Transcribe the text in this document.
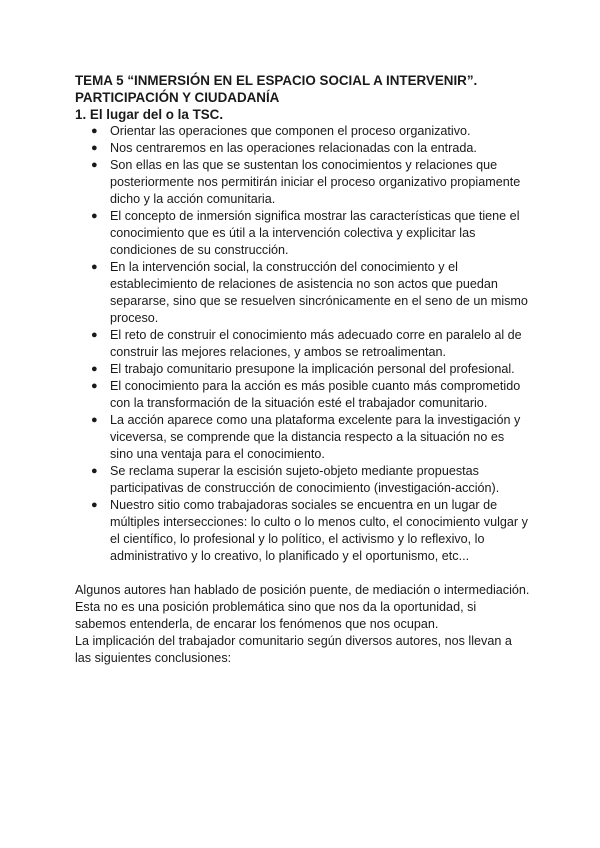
TEMA 5 “INMERSIÓN EN EL ESPACIO SOCIAL A INTERVENIR”. PARTICIPACIÓN Y CIUDADANÍA
1. El lugar del o la TSC.
● Orientar las operaciones que componen el proceso organizativo.
● Nos centraremos en las operaciones relacionadas con la entrada.
● Son ellas en las que se sustentan los conocimientos y relaciones que posteriormente nos permitirán iniciar el proceso organizativo propiamente dicho y la acción comunitaria.
● El concepto de inmersión significa mostrar las características que tiene el conocimiento que es útil a la intervención colectiva y explicitar las condiciones de su construcción.
● En la intervención social, la construcción del conocimiento y el establecimiento de relaciones de asistencia no son actos que puedan separarse, sino que se resuelven sincrónicamente en el seno de un mismo proceso.
● El reto de construir el conocimiento más adecuado corre en paralelo al de construir las mejores relaciones, y ambos se retroalimentan.
● El trabajo comunitario presupone la implicación personal del profesional.
● El conocimiento para la acción es más posible cuanto más comprometido con la transformación de la situación esté el trabajador comunitario.
● La acción aparece como una plataforma excelente para la investigación y viceversa, se comprende que la distancia respecto a la situación no es sino una ventaja para el conocimiento.
● Se reclama superar la escisión sujeto-objeto mediante propuestas participativas de construcción de conocimiento (investigación-acción).
● Nuestro sitio como trabajadoras sociales se encuentra en un lugar de múltiples intersecciones: lo culto o lo menos culto, el conocimiento vulgar y el científico, lo profesional y lo político, el activismo y lo reflexivo, lo administrativo y lo creativo, lo planificado y el oportunismo, etc...

Algunos autores han hablado de posición puente, de mediación o intermediación.

Esta no es una posición problemática sino que nos da la oportunidad, si sabemos entenderla, de encarar los fenómenos que nos ocupan.

La implicación del trabajador comunitario según diversos autores, nos llevan a las siguientes conclusiones:
